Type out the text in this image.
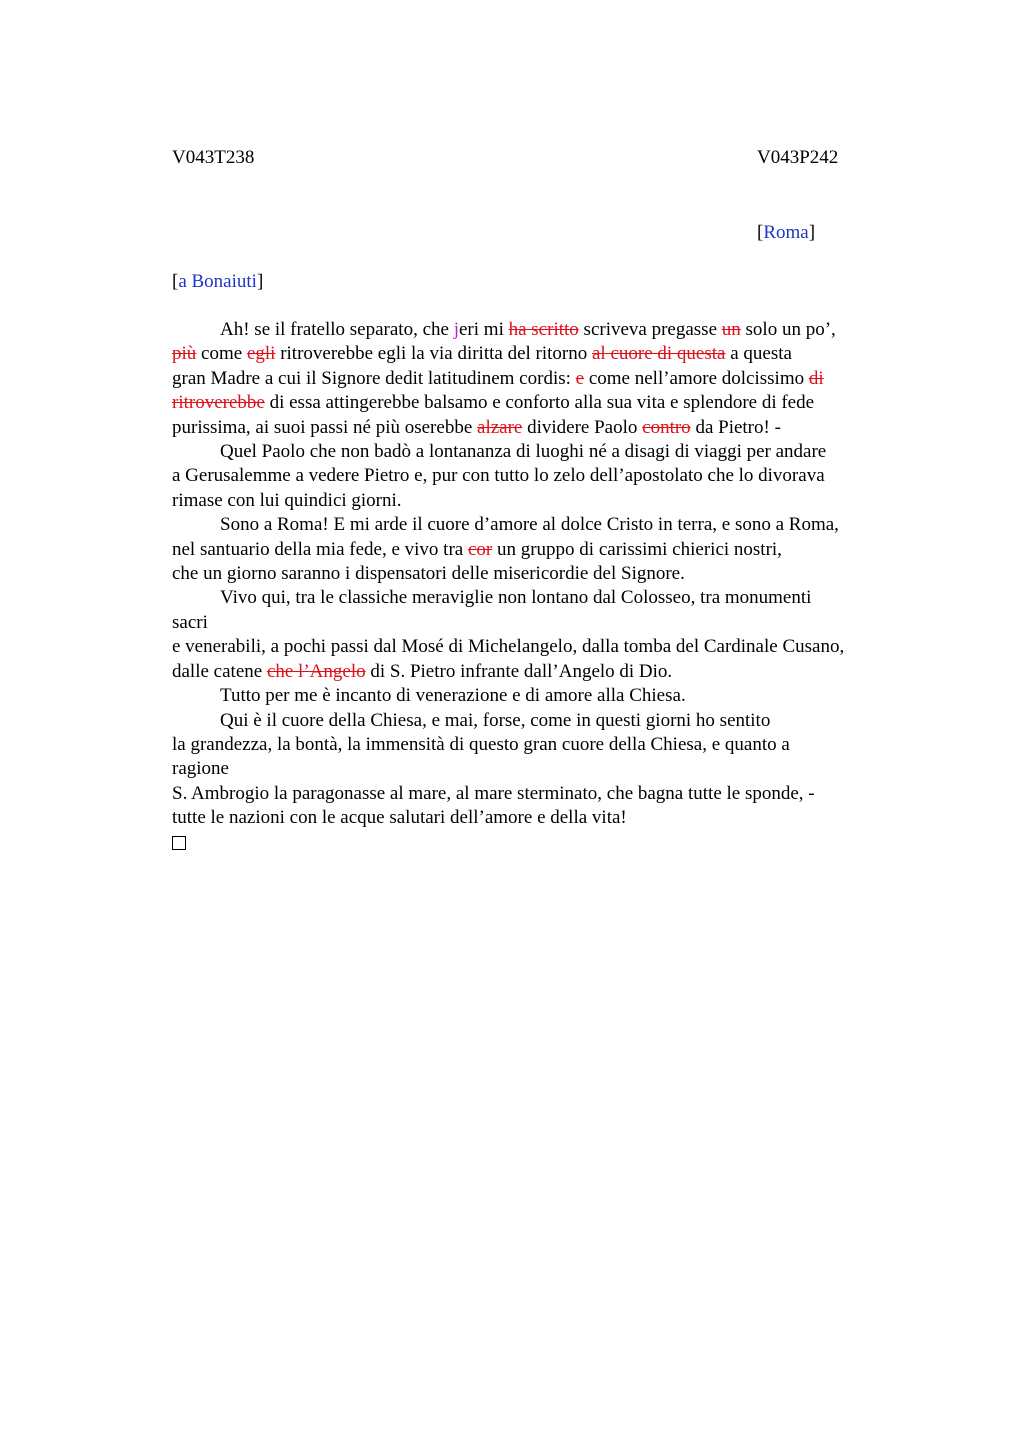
V043T238	V043P242
[Roma]
[a Bonaiuti]

Ah! se il fratello separato, che jeri mi ha scritto scriveva pregasse un solo un po’,

più come egli ritroverebbe egli la via diritta del ritorno al cuore di questa a questa

gran Madre a cui il Signore dedit latitudinem cordis: e come nell’amore dolcissimo di

ritroverebbe di essa attingerebbe balsamo e conforto alla sua vita e splendore di fede

purissima, ai suoi passi né più oserebbe alzare dividere Paolo contro da Pietro! -

Quel Paolo che non badò a lontananza di luoghi né a disagi di viaggi per andare

a Gerusalemme a vedere Pietro e, pur con tutto lo zelo dell’apostolato che lo divorava

rimase con lui quindici giorni.

Sono a Roma! E mi arde il cuore d’amore al dolce Cristo in terra, e sono a Roma,

nel santuario della mia fede, e vivo tra cor un gruppo di carissimi chierici nostri,

che un giorno saranno i dispensatori delle misericordie del Signore.

Vivo qui, tra le classiche meraviglie non lontano dal Colosseo, tra monumenti

sacri

e venerabili, a pochi passi dal Mosé di Michelangelo, dalla tomba del Cardinale Cusano,

dalle catene che l’Angelo di S. Pietro infrante dall’Angelo di Dio.

Tutto per me è incanto di venerazione e di amore alla Chiesa.

Qui è il cuore della Chiesa, e mai, forse, come in questi giorni ho sentito

la grandezza, la bontà, la immensità di questo gran cuore della Chiesa, e quanto a

ragione

S. Ambrogio la paragonasse al mare, al mare sterminato, che bagna tutte le sponde, -

tutte le nazioni con le acque salutari dell’amore e della vita!
